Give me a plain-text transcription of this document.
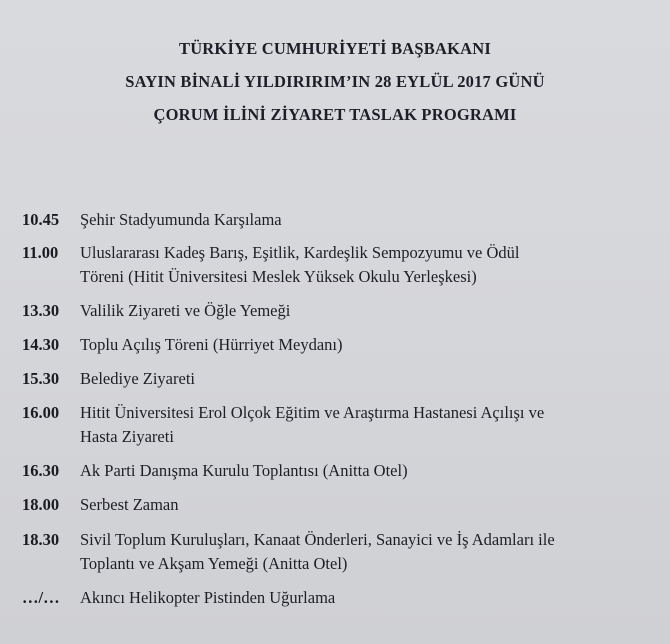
TÜRKİYE CUMHURİYETİ BAŞBAKANI
SAYIN BİNALİ YILDIRIRIM’IN 28 EYLÜL 2017 GÜNÜ
ÇORUM İLİNİ ZİYARET TASLAK PROGRAMI
10.45	Şehir Stadyumunda Karşılama
11.00	Uluslararası Kadeş Barış, Eşitlik, Kardeşlik Sempozyumu ve Ödül
Töreni (Hitit Üniversitesi Meslek Yüksek Okulu Yerleşkesi)
13.30	Valilik Ziyareti ve Öğle Yemeği
14.30	Toplu Açılış Töreni (Hürriyet Meydanı)
15.30	Belediye Ziyareti
16.00	Hitit Üniversitesi Erol Olçok Eğitim ve Araştırma Hastanesi Açılışı ve
Hasta Ziyareti
16.30	Ak Parti Danışma Kurulu Toplantısı (Anitta Otel)
18.00	Serbest Zaman
18.30	Sivil Toplum Kuruluşları, Kanaat Önderleri, Sanayici ve İş Adamları ile
Toplantı ve Akşam Yemeği (Anitta Otel)
…/…	Akıncı Helikopter Pistinden Uğurlama
